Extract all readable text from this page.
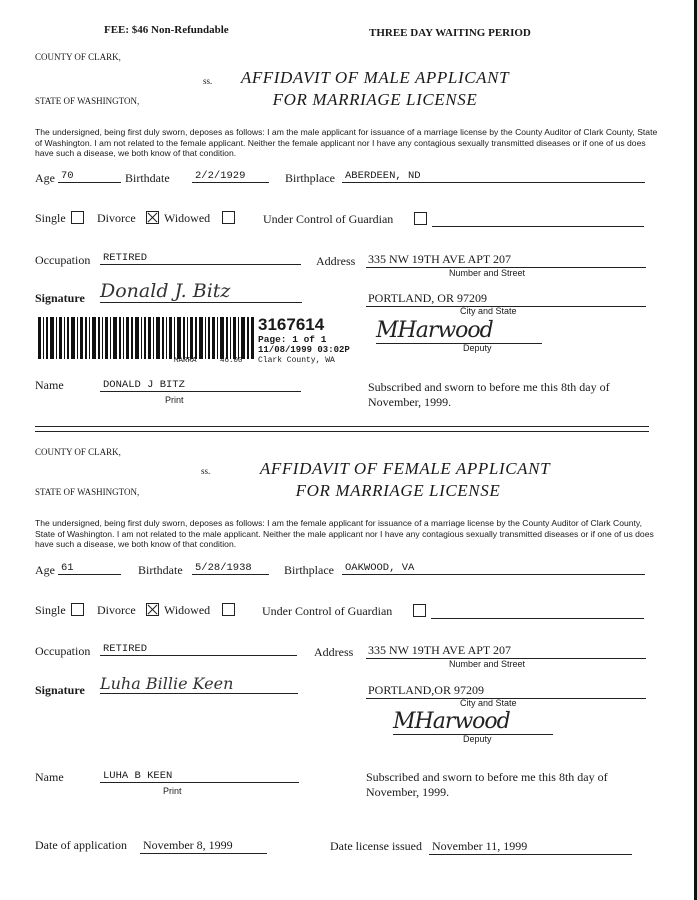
FEE: $46 Non-Refundable	THREE DAY WAITING PERIOD
COUNTY OF CLARK,
STATE OF WASHINGTON,
ss.	AFFIDAVIT OF MALE APPLICANT
FOR MARRIAGE LICENSE
The undersigned, being first duly sworn, deposes as follows: I am the male applicant for issuance of a marriage license by the County Auditor of Clark County, State of Washington. I am not related to the female applicant. Neither the female applicant nor I have any contagious sexually transmitted diseases or if one of us does have such a disease, we both know of that condition.
Age 70	Birthdate 2/2/1929	Birthplace ABERDEEN, ND
Single	Divorce Widowed	Under Control of Guardian
Occupation RETIRED	Address 335 NW 19TH AVE APT 207
Number and Street
Signature Donald J. Bitz	PORTLAND, OR 97209
City and State
MHarwood
Deputy
3167614
Page: 1 of 1
11/08/1999 03:02P
MARRA	46.00 Clark County, WA
Name	DONALD J BITZ
Print
Subscribed and sworn to before me this 8th day of
November, 1999.
COUNTY OF CLARK,
STATE OF WASHINGTON,
ss.	AFFIDAVIT OF FEMALE APPLICANT
FOR MARRIAGE LICENSE
The undersigned, being first duly sworn, deposes as follows: I am the female applicant for issuance of a marriage license by the County Auditor of Clark County, State of Washington. I am not related to the male applicant. Neither the male applicant nor I have any contagious sexually transmitted diseases or if one of us does have such a disease, we both know of that condition.
Age 61	Birthdate 5/28/1938	Birthplace OAKWOOD, VA
Single	Divorce Widowed	Under Control of Guardian
Occupation RETIRED	Address 335 NW 19TH AVE APT 207
Number and Street
Signature Luha Billie Keen	PORTLAND,OR 97209
City and State
MHarwood
Deputy
Name	LUHA B KEEN
Print
Subscribed and sworn to before me this 8th day of
November, 1999.
Date of application November 8, 1999	Date license issued November 11, 1999
